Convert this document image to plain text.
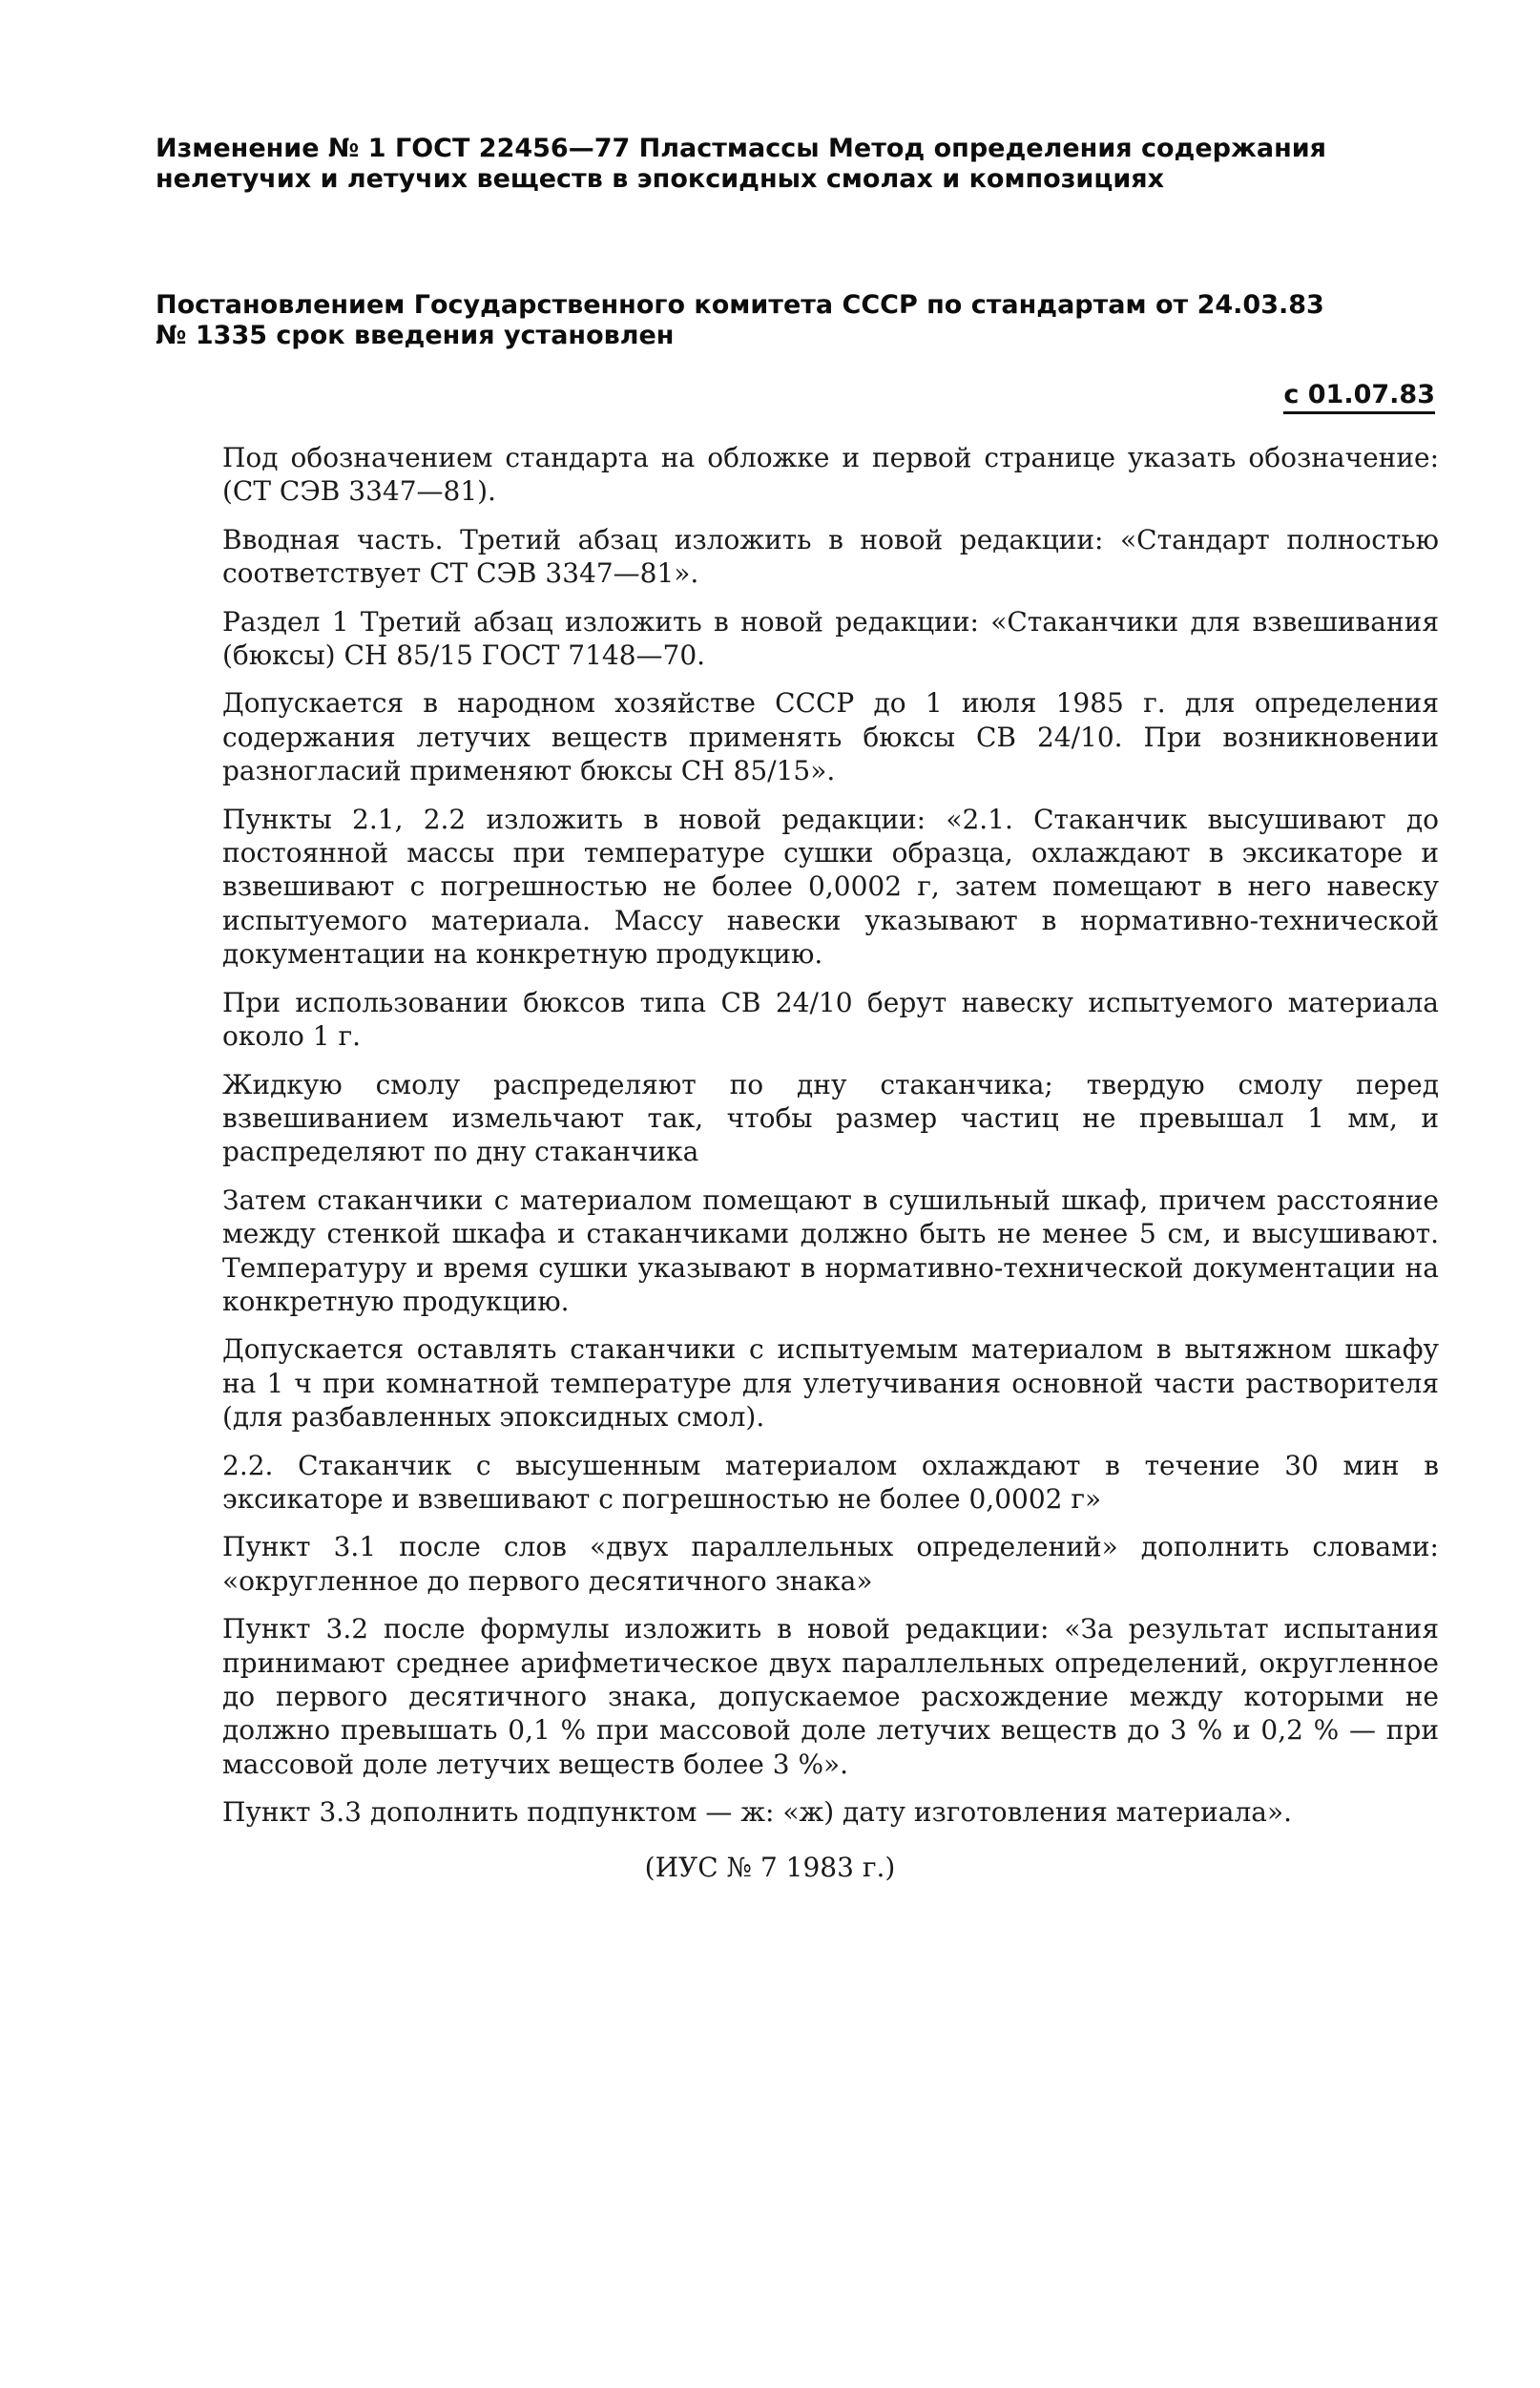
Изменение № 1 ГОСТ 22456—77 Пластмассы Метод определения содержания
нелетучих и летучих веществ в эпоксидных смолах и композициях
Постановлением Государственного комитета СССР по стандартам от 24.03.83
№ 1335 срок введения установлен
с 01.07.83

Под обозначением стандарта на обложке и первой странице указать обозначение: (СТ СЭВ 3347—81).

Вводная часть. Третий абзац изложить в новой редакции: «Стандарт полностью соответствует СТ СЭВ 3347—81».

Раздел 1 Третий абзац изложить в новой редакции: «Стаканчики для взвешивания (бюксы) СН 85/15 ГОСТ 7148—70.

Допускается в народном хозяйстве СССР до 1 июля 1985 г. для определения содержания летучих веществ применять бюксы СВ 24/10. При возникновении разногласий применяют бюксы СН 85/15».

Пункты 2.1, 2.2 изложить в новой редакции: «2.1. Стаканчик высушивают до постоянной массы при температуре сушки образца, охлаждают в эксикаторе и взвешивают с погрешностью не более 0,0002 г, затем помещают в него навеску испытуемого материала. Массу навески указывают в нормативно-технической документации на конкретную продукцию.

При использовании бюксов типа СВ 24/10 берут навеску испытуемого материала около 1 г.

Жидкую смолу распределяют по дну стаканчика; твердую смолу перед взвешиванием измельчают так, чтобы размер частиц не превышал 1 мм, и распределяют по дну стаканчика

Затем стаканчики с материалом помещают в сушильный шкаф, причем расстояние между стенкой шкафа и стаканчиками должно быть не менее 5 см, и высушивают. Температуру и время сушки указывают в нормативно-технической документации на конкретную продукцию.

Допускается оставлять стаканчики с испытуемым материалом в вытяжном шкафу на 1 ч при комнатной температуре для улетучивания основной части растворителя (для разбавленных эпоксидных смол).

2.2. Стаканчик с высушенным материалом охлаждают в течение 30 мин в эксикаторе и взвешивают с погрешностью не более 0,0002 г»

Пункт 3.1 после слов «двух параллельных определений» дополнить словами: «округленное до первого десятичного знака»

Пункт 3.2 после формулы изложить в новой редакции: «За результат испытания принимают среднее арифметическое двух параллельных определений, округленное до первого десятичного знака, допускаемое расхождение между которыми не должно превышать 0,1 % при массовой доле летучих веществ до 3 % и 0,2 % — при массовой доле летучих веществ более 3 %».

Пункт 3.3 дополнить подпунктом — ж: «ж) дату изготовления материала».

(ИУС № 7 1983 г.)
